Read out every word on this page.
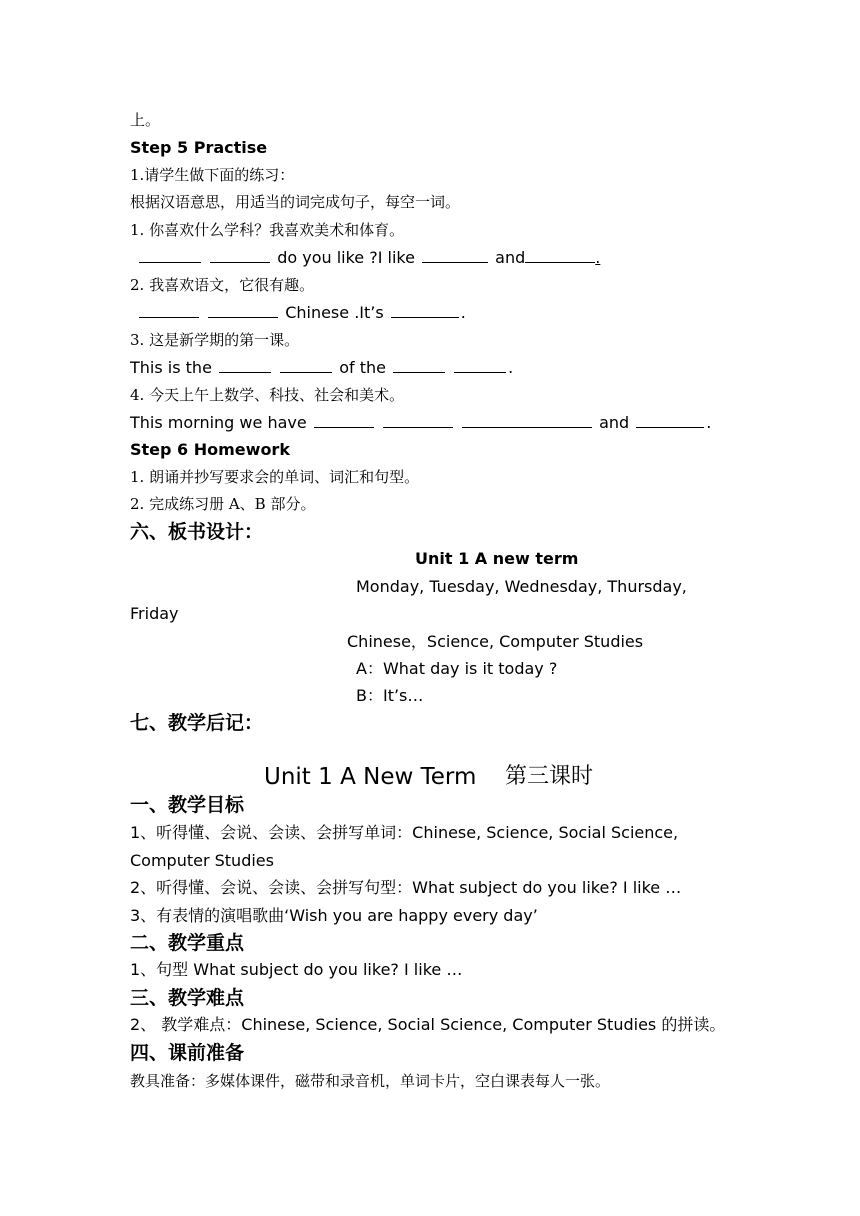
上。
Step 5 Practise
1.请学生做下面的练习：
根据汉语意思，用适当的词完成句子，每空一词。
1. 你喜欢什么学科？我喜欢美术和体育。
do you like ?I like	and	.
2. 我喜欢语文，它很有趣。
Chinese .It’s	.
3. 这是新学期的第一课。
This is the	of the	.
4. 今天上午上数学、科技、社会和美术。
This morning we have	and	.
Step 6 Homework
1. 朗诵并抄写要求会的单词、词汇和句型。
2. 完成练习册 A、B 部分。
六、板书设计：
Unit 1 A new term
Monday, Tuesday, Wednesday, Thursday,
Friday
Chinese，Science, Computer Studies
A：What day is it today ?
B：It’s…
七、教学后记：
Unit 1 A New Term 第三课时
一、教学目标
1、听得懂、会说、会读、会拼写单词：Chinese, Science, Social Science,
Computer Studies
2、听得懂、会说、会读、会拼写句型：What subject do you like? I like …
3、有表情的演唱歌曲‘Wish you are happy every day’
二、教学重点
1、句型 What subject do you like? I like …
三、教学难点
2、 教学难点：Chinese, Science, Social Science, Computer Studies 的拼读。
四、课前准备
教具准备：多媒体课件，磁带和录音机，单词卡片，空白课表每人一张。
